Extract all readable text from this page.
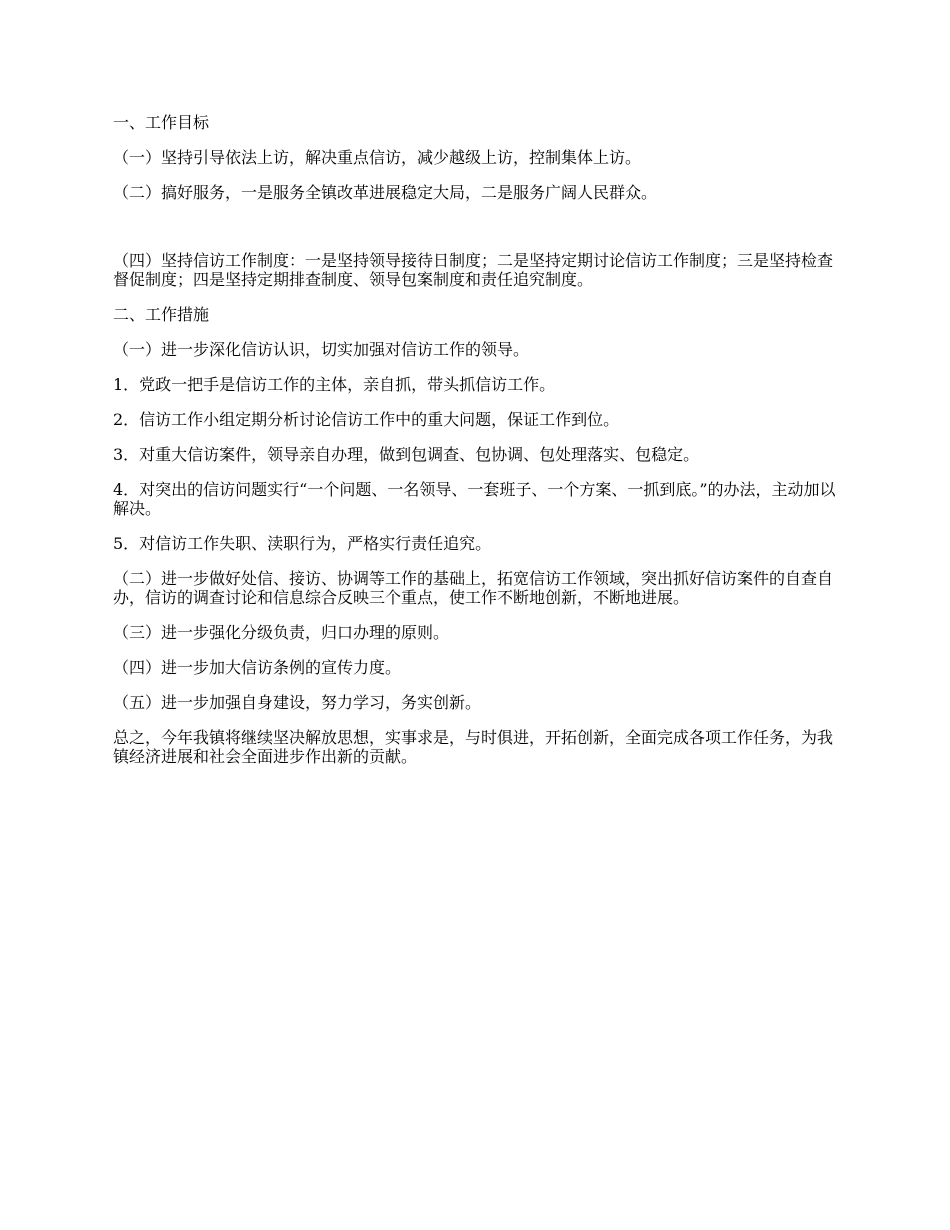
一、工作目标

（一）坚持引导依法上访，解决重点信访，减少越级上访，控制集体上访。

（二）搞好服务，一是服务全镇改革进展稳定大局，二是服务广阔人民群众。

（四）坚持信访工作制度：一是坚持领导接待日制度；二是坚持定期讨论信访工作制度；三是坚持检查督促制度；四是坚持定期排查制度、领导包案制度和责任追究制度。

二、工作措施

（一）进一步深化信访认识，切实加强对信访工作的领导。

1．党政一把手是信访工作的主体，亲自抓，带头抓信访工作。

2．信访工作小组定期分析讨论信访工作中的重大问题，保证工作到位。

3．对重大信访案件，领导亲自办理，做到包调查、包协调、包处理落实、包稳定。

4．对突出的信访问题实行“一个问题、一名领导、一套班子、一个方案、一抓到底。”的办法，主动加以解决。

5．对信访工作失职、渎职行为，严格实行责任追究。

（二）进一步做好处信、接访、协调等工作的基础上，拓宽信访工作领域，突出抓好信访案件的自查自办，信访的调查讨论和信息综合反映三个重点，使工作不断地创新，不断地进展。

（三）进一步强化分级负责，归口办理的原则。

（四）进一步加大信访条例的宣传力度。

（五）进一步加强自身建设，努力学习，务实创新。

总之，今年我镇将继续坚决解放思想，实事求是，与时俱进，开拓创新，全面完成各项工作任务，为我镇经济进展和社会全面进步作出新的贡献。
